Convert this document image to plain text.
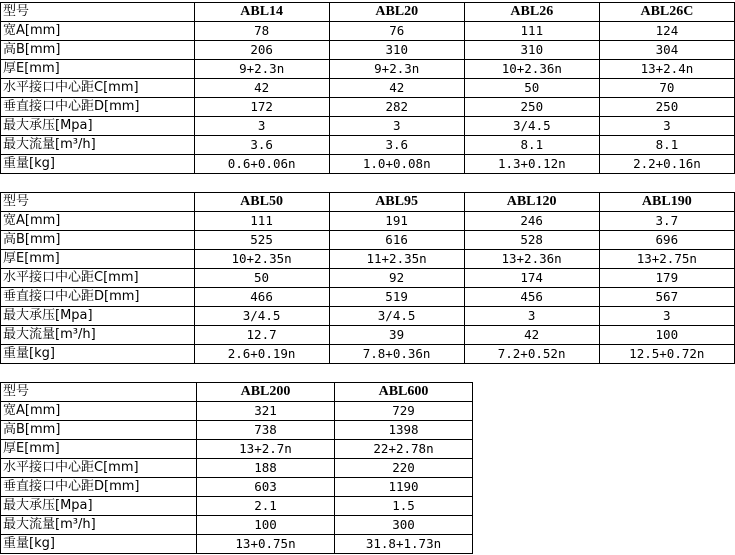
型号	ABL14	ABL20	ABL26	ABL26C
宽A[mm]	78	76	111	124
高B[mm]	206	310	310	304
厚E[mm]	9+2.3n	9+2.3n	10+2.36n	13+2.4n
水平接口中心距C[mm]	42	42	50	70
垂直接口中心距D[mm]	172	282	250	250
最大承压[Mpa]	3	3	3/4.5	3
最大流量[m³/h]	3.6	3.6	8.1	8.1
重量[kg]	0.6+0.06n	1.0+0.08n	1.3+0.12n	2.2+0.16n
型号	ABL50	ABL95	ABL120	ABL190
宽A[mm]	111	191	246	3.7
高B[mm]	525	616	528	696
厚E[mm]	10+2.35n	11+2.35n	13+2.36n	13+2.75n
水平接口中心距C[mm]	50	92	174	179
垂直接口中心距D[mm]	466	519	456	567
最大承压[Mpa]	3/4.5	3/4.5	3	3
最大流量[m³/h]	12.7	39	42	100
重量[kg]	2.6+0.19n	7.8+0.36n	7.2+0.52n	12.5+0.72n
型号	ABL200	ABL600
宽A[mm]	321	729
高B[mm]	738	1398
厚E[mm]	13+2.7n	22+2.78n
水平接口中心距C[mm]	188	220
垂直接口中心距D[mm]	603	1190
最大承压[Mpa]	2.1	1.5
最大流量[m³/h]	100	300
重量[kg]	13+0.75n	31.8+1.73n
